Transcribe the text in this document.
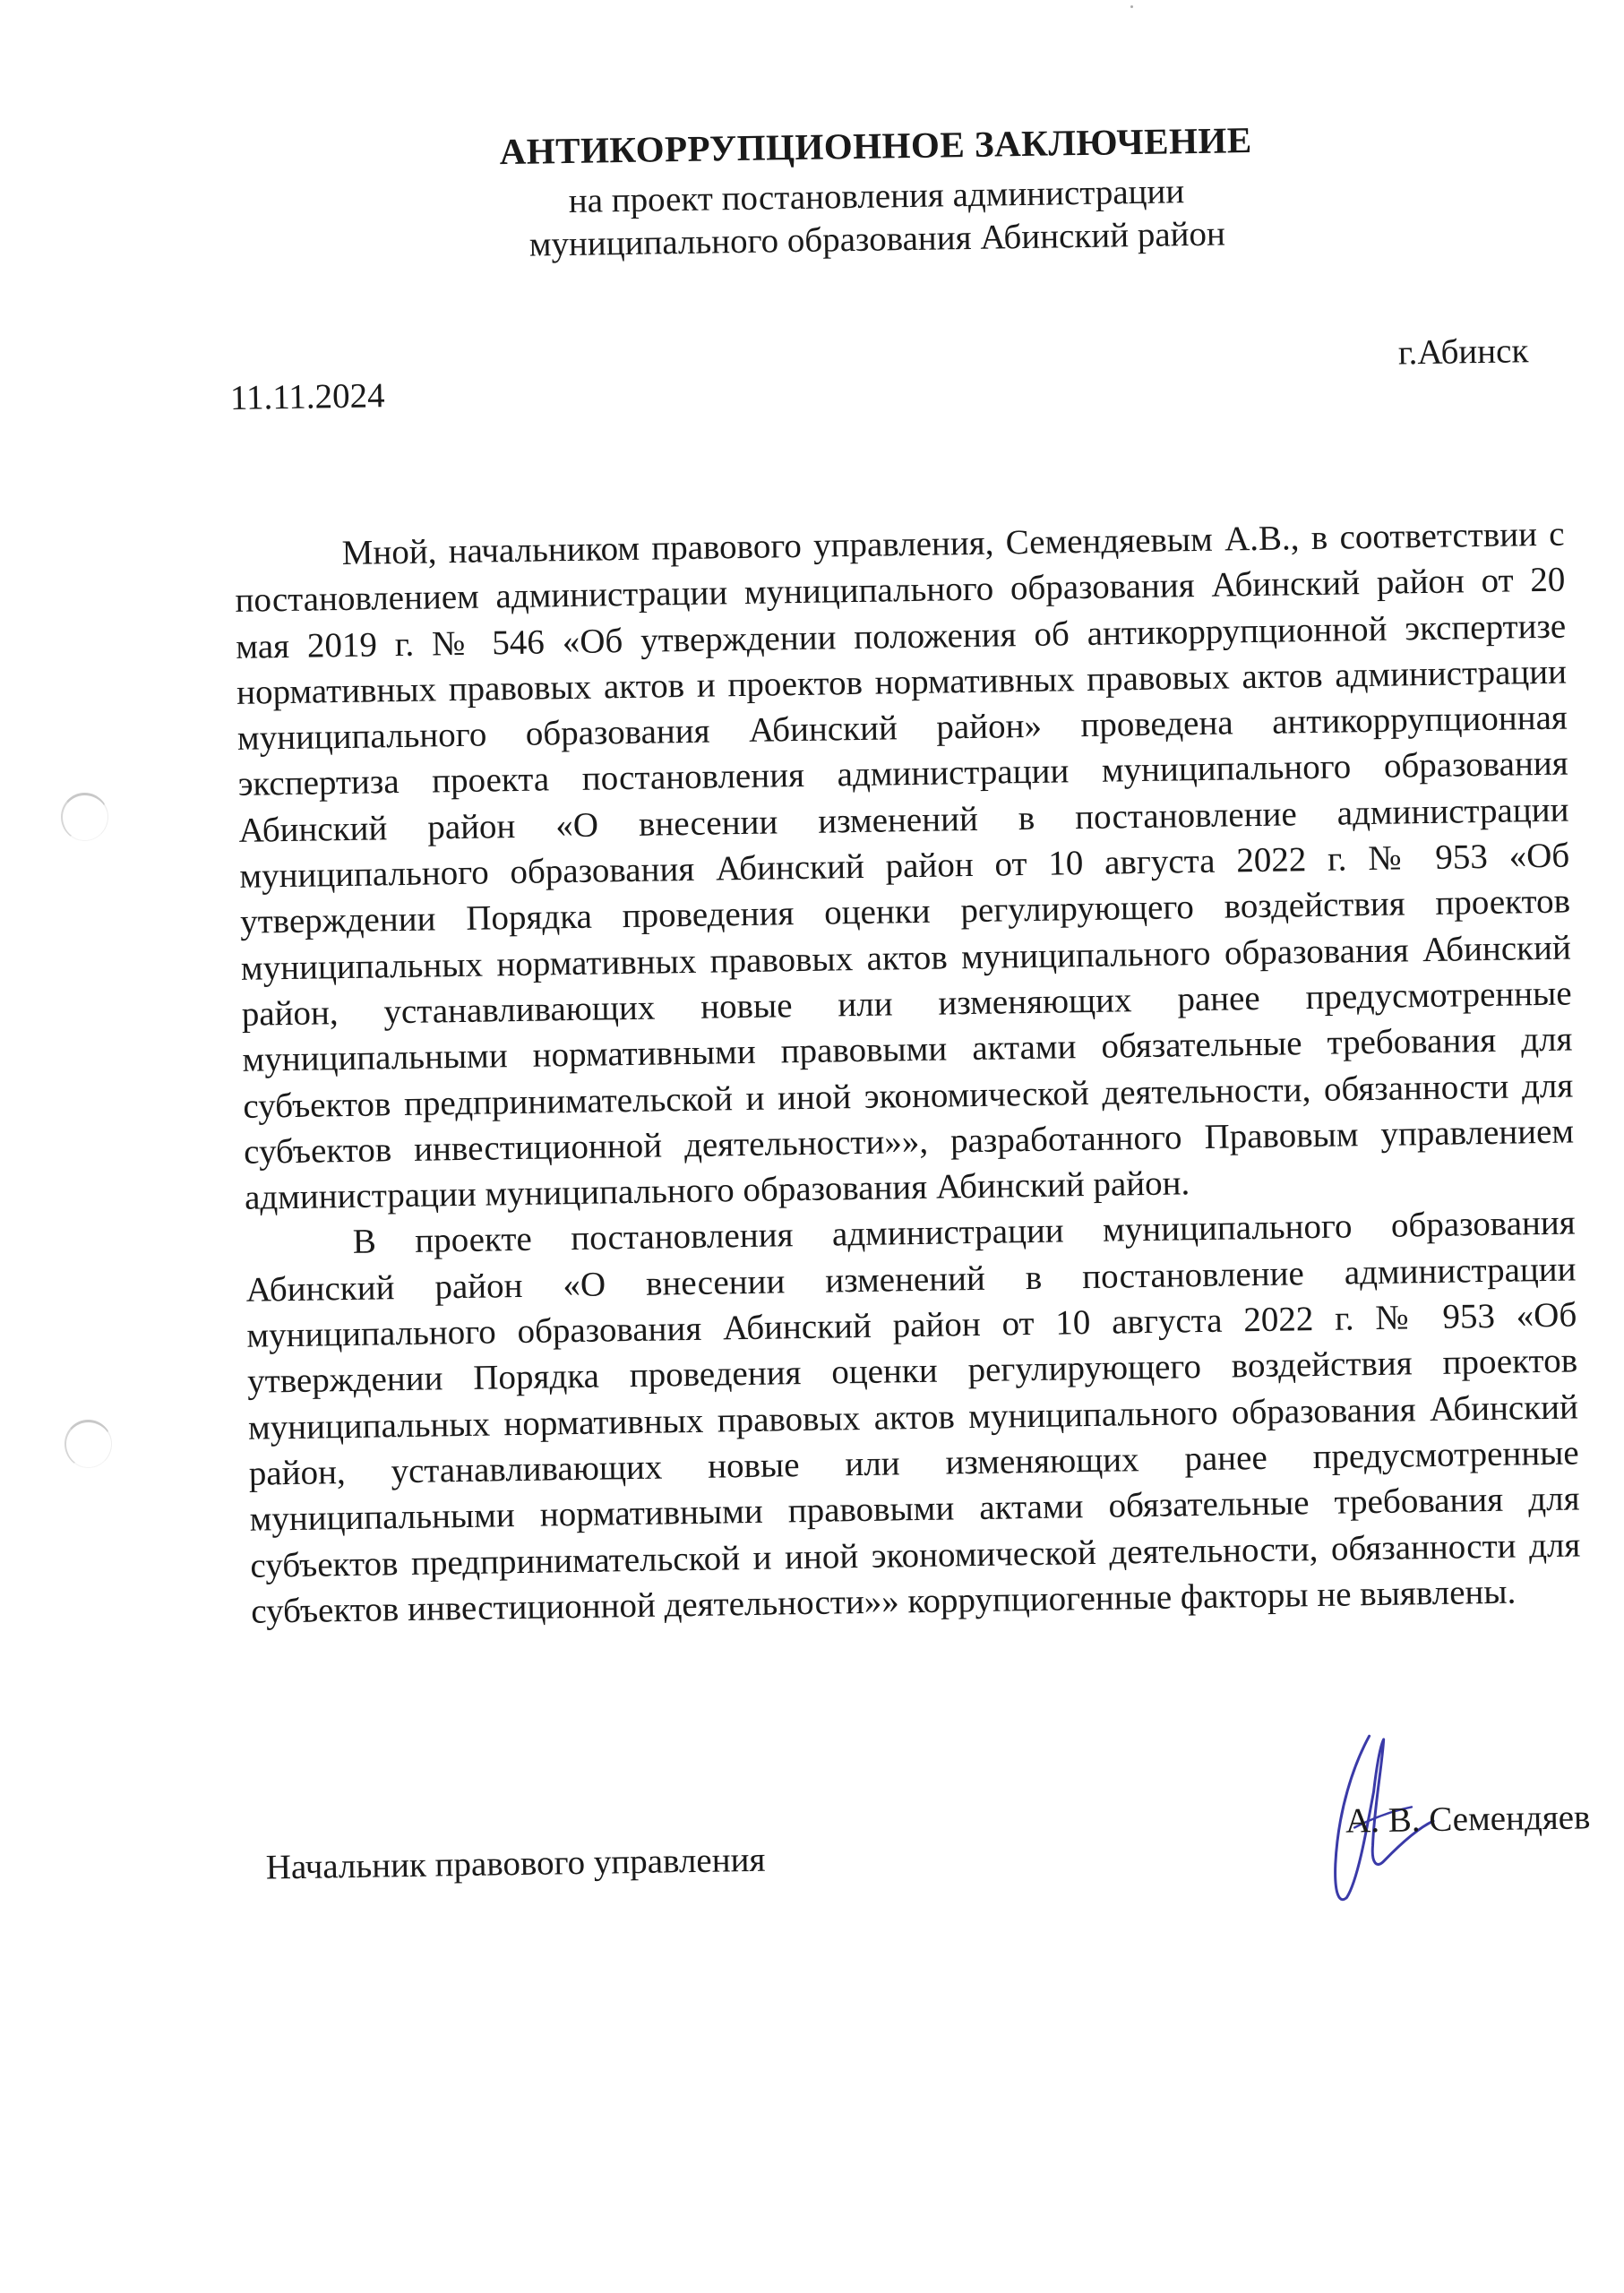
АНТИКОРРУПЦИОННОЕ ЗАКЛЮЧЕНИЕ
на проект постановления администрации
муниципального образования Абинский район
11.11.2024
г.Абинск

Мной, начальником правового управления, Семендяевым А.В., в соответствии с постановлением администрации муниципального образования Абинский район от 20 мая 2019 г. № 546 «Об утверждении положения об антикоррупционной экспертизе нормативных правовых актов и проектов нормативных правовых актов администрации муниципального образования Абинский район» проведена антикоррупционная экспертиза проекта постановления администрации муниципального образования Абинский район «О внесении изменений в постановление администрации муниципального образования Абинский район от 10 августа 2022 г. № 953 «Об утверждении Порядка проведения оценки регулирующего воздействия проектов муниципальных нормативных правовых актов муниципального образования Абинский район, устанавливающих новые или изменяющих ранее предусмотренные муниципальными нормативными правовыми актами обязательные требования для субъектов предпринимательской и иной экономической деятельности, обязанности для субъектов инвестиционной деятельности»», разработанного Правовым управлением администрации муниципального образования Абинский район.

В проекте постановления администрации муниципального образования Абинский район «О внесении изменений в постановление администрации муниципального образования Абинский район от 10 августа 2022 г. № 953 «Об утверждении Порядка проведения оценки регулирующего воздействия проектов муниципальных нормативных правовых актов муниципального образования Абинский район, устанавливающих новые или изменяющих ранее предусмотренные муниципальными нормативными правовыми актами обязательные требования для субъектов предпринимательской и иной экономической деятельности, обязанности для субъектов инвестиционной деятельности»» коррупциогенные факторы не выявлены.

Начальник правового управления
А. В. Семендяев
